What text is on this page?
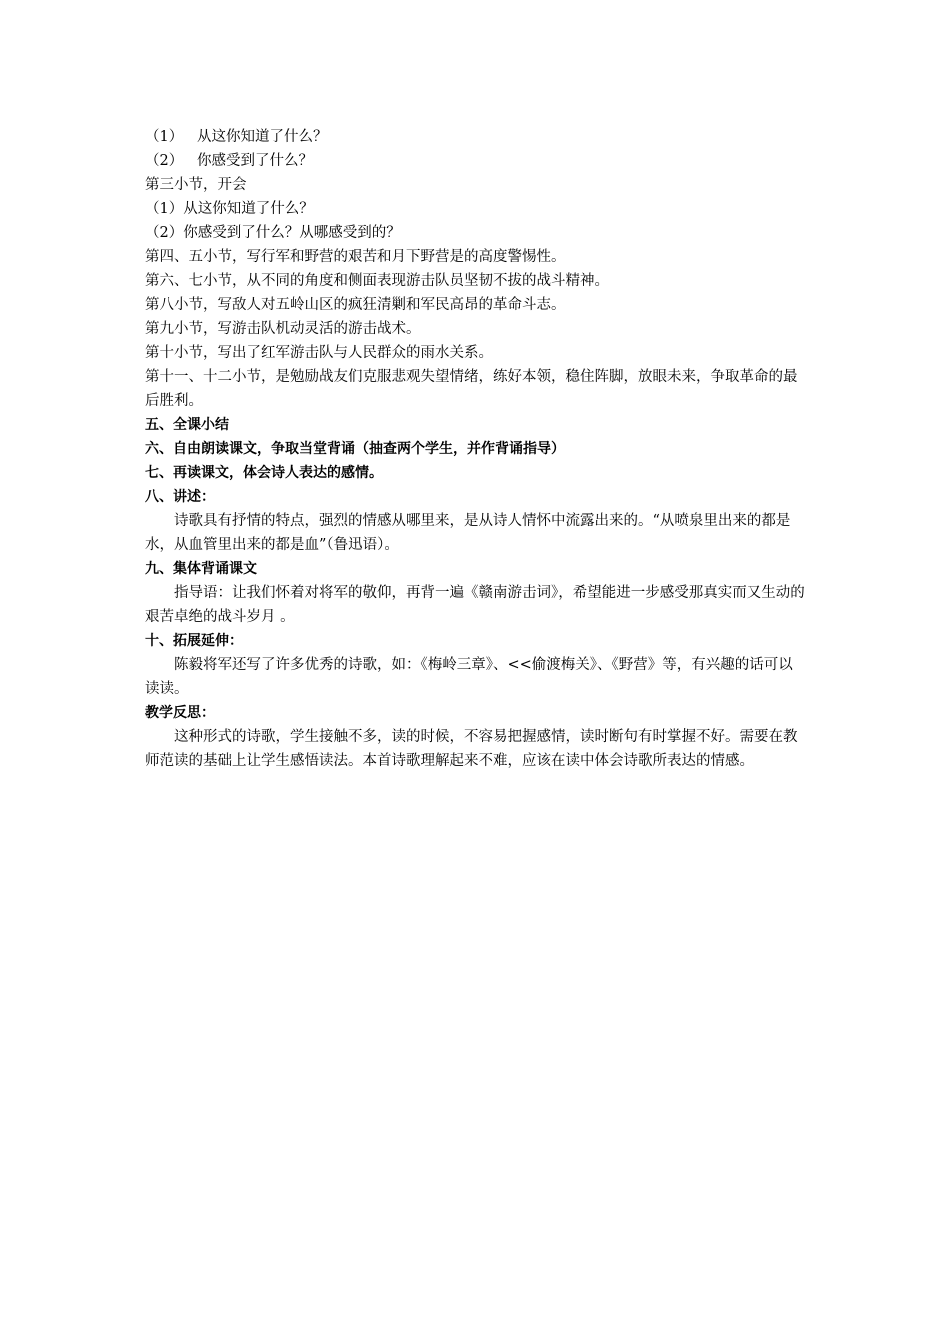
（1） 从这你知道了什么？
（2） 你感受到了什么？
第三小节，开会
（1）从这你知道了什么？
（2）你感受到了什么？从哪感受到的？
第四、五小节，写行军和野营的艰苦和月下野营是的高度警惕性。
第六、七小节，从不同的角度和侧面表现游击队员坚韧不拔的战斗精神。
第八小节，写敌人对五岭山区的疯狂清剿和军民高昂的革命斗志。
第九小节，写游击队机动灵活的游击战术。
第十小节，写出了红军游击队与人民群众的雨水关系。
第十一、十二小节，是勉励战友们克服悲观失望情绪，练好本领，稳住阵脚，放眼未来，争取革命的最后胜利。
五、全课小结
六、自由朗读课文，争取当堂背诵（抽查两个学生，并作背诵指导）
七、再读课文，体会诗人表达的感情。
八、讲述：
诗歌具有抒情的特点，强烈的情感从哪里来，是从诗人情怀中流露出来的。“从喷泉里出来的都是水，从血管里出来的都是血”（鲁迅语）。
九、集体背诵课文
指导语：让我们怀着对将军的敬仰，再背一遍《赣南游击词》，希望能进一步感受那真实而又生动的艰苦卓绝的战斗岁月 。
十、拓展延伸：
陈毅将军还写了许多优秀的诗歌，如：《梅岭三章》、<<偷渡梅关》、《野营》等，有兴趣的话可以读读。
教学反思：
这种形式的诗歌，学生接触不多，读的时候，不容易把握感情，读时断句有时掌握不好。需要在教师范读的基础上让学生感悟读法。本首诗歌理解起来不难，应该在读中体会诗歌所表达的情感。
